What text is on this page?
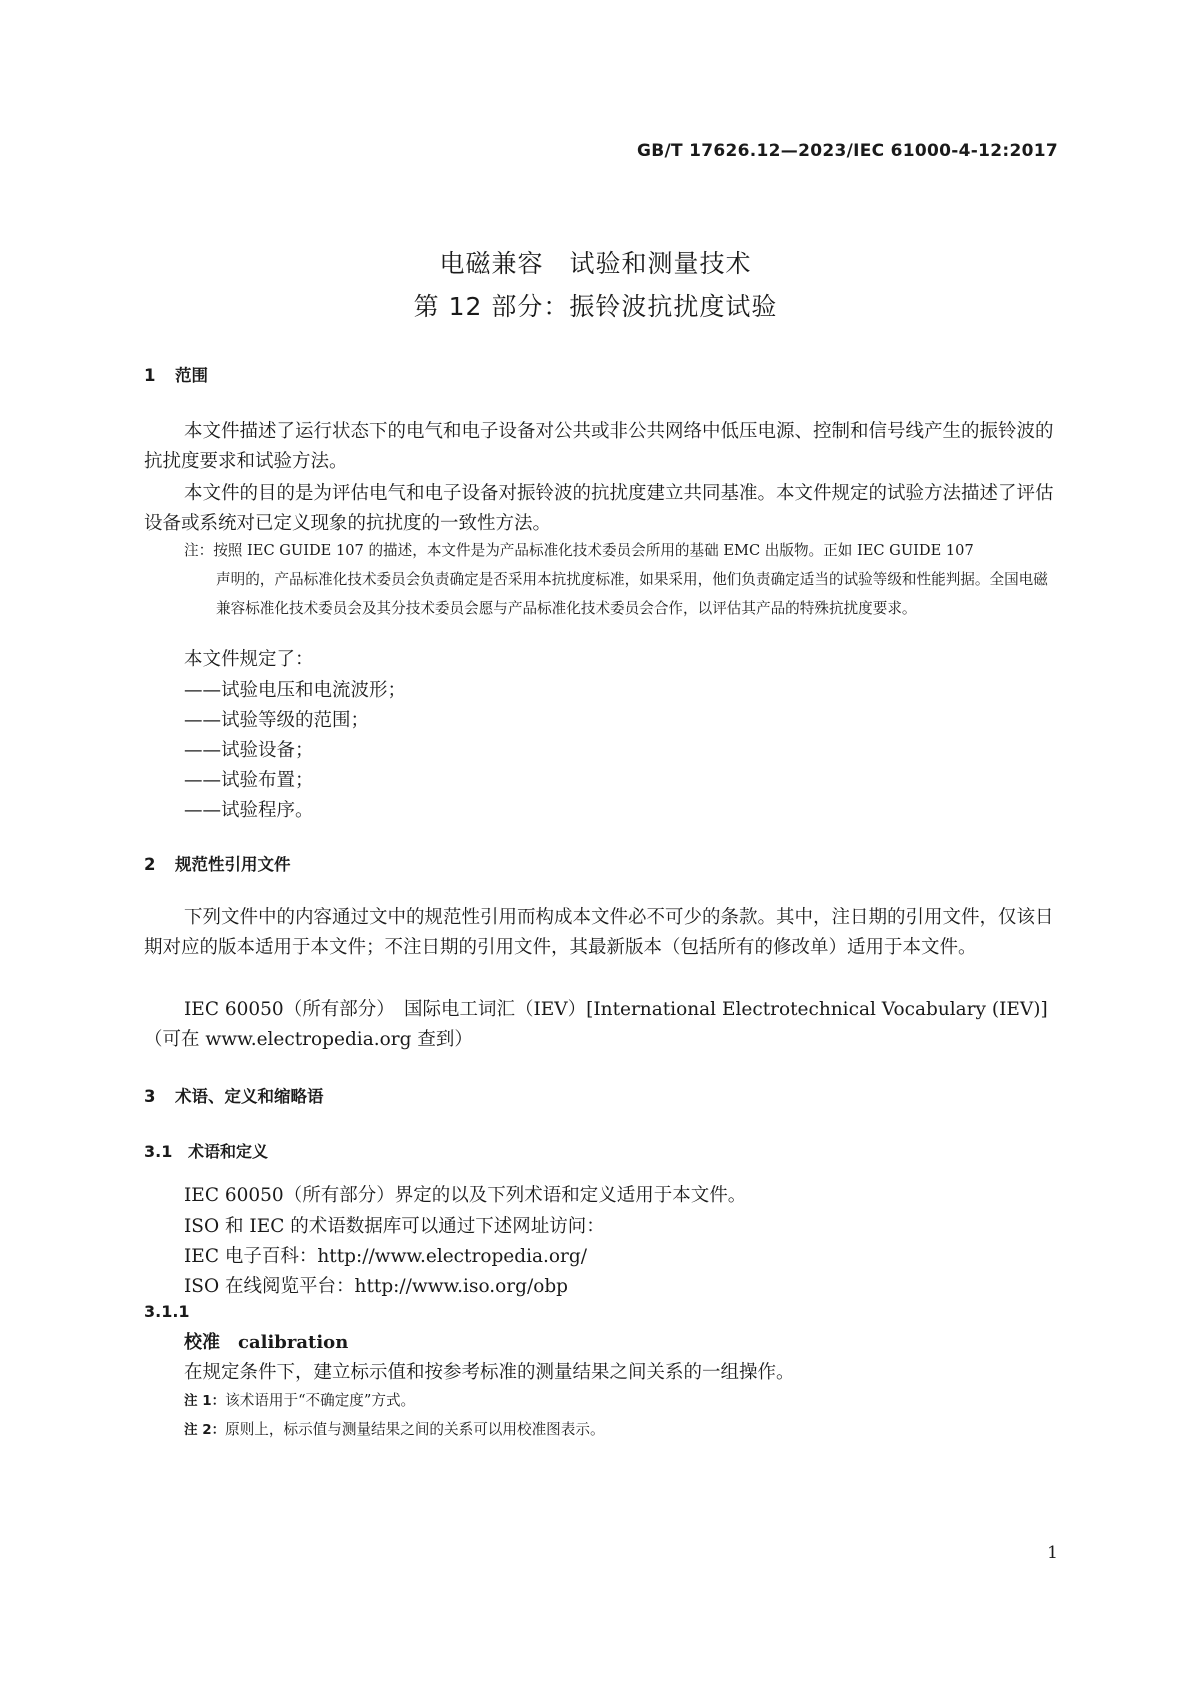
GB/T 17626.12—2023/IEC 61000-4-12:2017
电磁兼容　试验和测量技术
第 12 部分：振铃波抗扰度试验
1 范围
本文件描述了运行状态下的电气和电子设备对公共或非公共网络中低压电源、控制和信号线产生的振铃波的抗扰度要求和试验方法。
本文件的目的是为评估电气和电子设备对振铃波的抗扰度建立共同基准。本文件规定的试验方法描述了评估设备或系统对已定义现象的抗扰度的一致性方法。
注：按照 IEC GUIDE 107 的描述，本文件是为产品标准化技术委员会所用的基础 EMC 出版物。正如 IEC GUIDE 107
声明的，产品标准化技术委员会负责确定是否采用本抗扰度标准，如果采用，他们负责确定适当的试验等级和性能判据。全国电磁兼容标准化技术委员会及其分技术委员会愿与产品标准化技术委员会合作，以评估其产品的特殊抗扰度要求。
本文件规定了：
——试验电压和电流波形；
——试验等级的范围；
——试验设备；
——试验布置；
——试验程序。
2 规范性引用文件
下列文件中的内容通过文中的规范性引用而构成本文件必不可少的条款。其中，注日期的引用文件，仅该日期对应的版本适用于本文件；不注日期的引用文件，其最新版本（包括所有的修改单）适用于本文件。
IEC 60050（所有部分）　国际电工词汇（IEV）[International Electrotechnical Vocabulary (IEV)]
（可在 www.electropedia.org 查到）
3 术语、定义和缩略语
3.1 术语和定义
IEC 60050（所有部分）界定的以及下列术语和定义适用于本文件。
ISO 和 IEC 的术语数据库可以通过下述网址访问：
IEC 电子百科：http://www.electropedia.org/
ISO 在线阅览平台：http://www.iso.org/obp
3.1.1
校准 calibration
在规定条件下，建立标示值和按参考标准的测量结果之间关系的一组操作。
注 1：该术语用于“不确定度”方式。
注 2：原则上，标示值与测量结果之间的关系可以用校准图表示。
1
